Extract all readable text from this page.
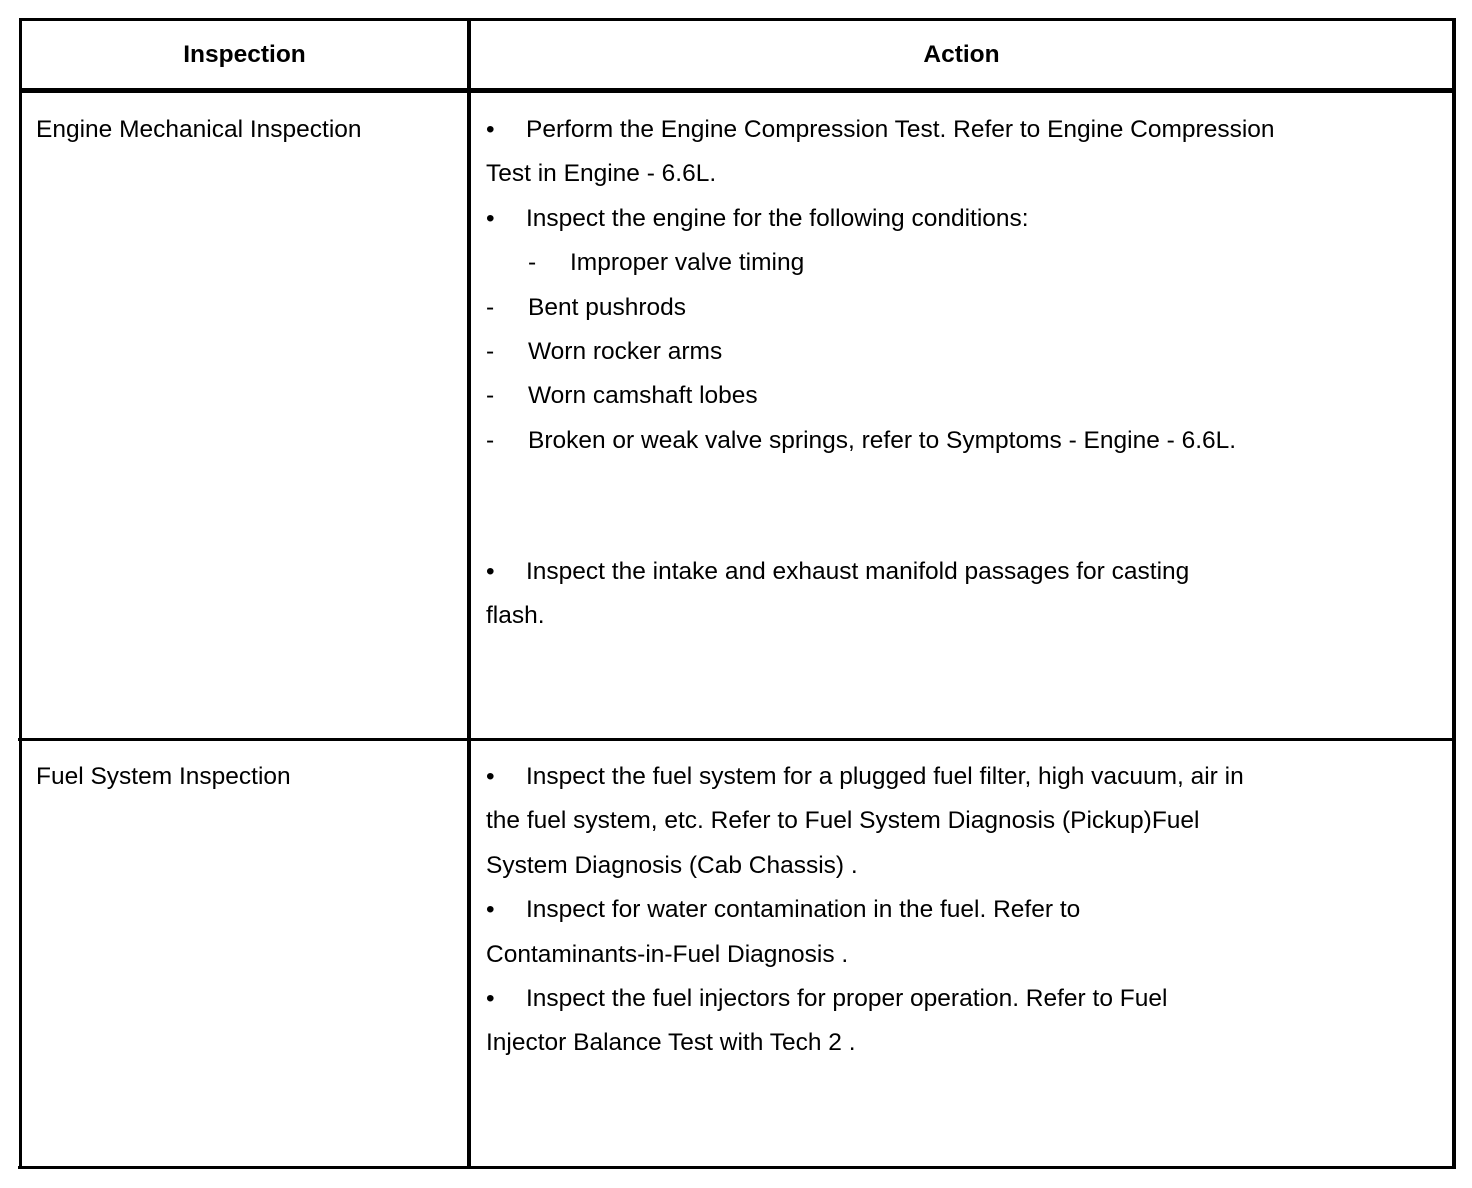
Inspection	Action
Engine Mechanical Inspection	• Perform the Engine Compression Test. Refer to Engine Compression
Test in Engine - 6.6L.
• Inspect the engine for the following conditions:
- Improper valve timing
- Bent pushrods
- Worn rocker arms
- Worn camshaft lobes
- Broken or weak valve springs, refer to Symptoms - Engine - 6.6L.
• Inspect the intake and exhaust manifold passages for casting
flash.
Fuel System Inspection	• Inspect the fuel system for a plugged fuel filter, high vacuum, air in
the fuel system, etc. Refer to Fuel System Diagnosis (Pickup)Fuel
System Diagnosis (Cab Chassis) .
• Inspect for water contamination in the fuel. Refer to
Contaminants-in-Fuel Diagnosis .
• Inspect the fuel injectors for proper operation. Refer to Fuel
Injector Balance Test with Tech 2 .
